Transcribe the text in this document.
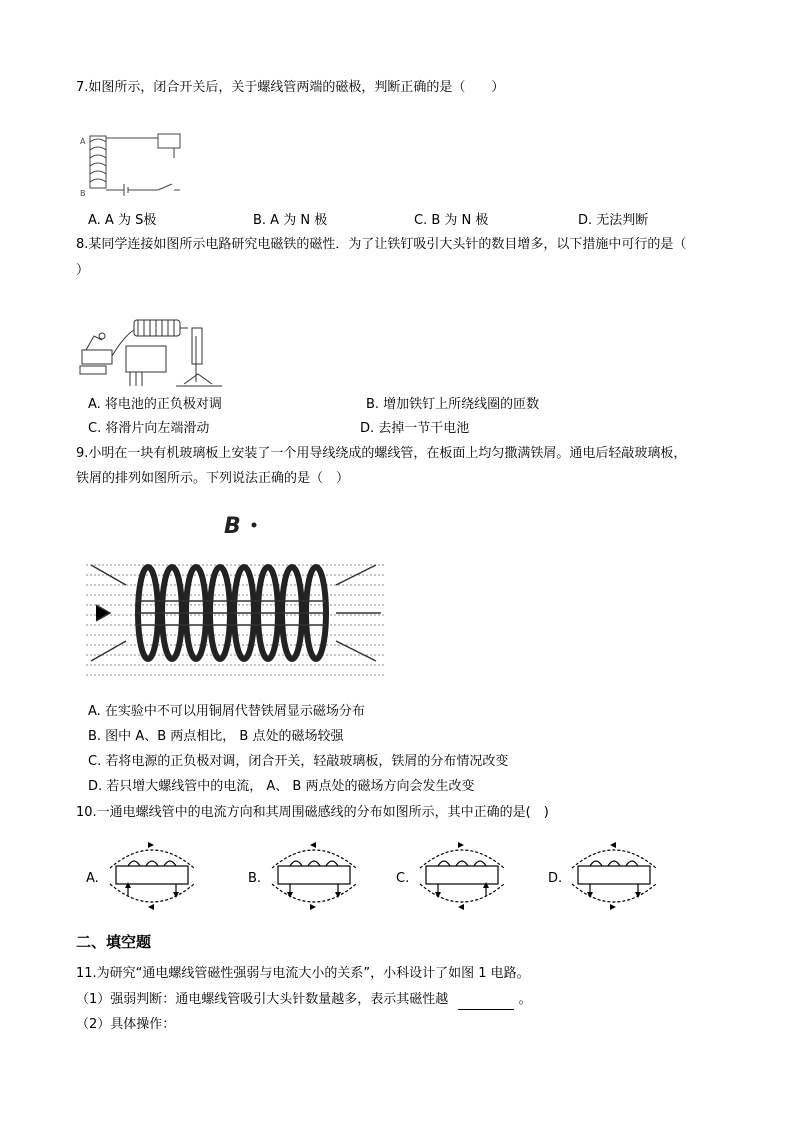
7.如图所示，闭合开关后，关于螺线管两端的磁极，判断正确的是（　　）
A
B
A. A 为 S极	B. A 为 N 极	C. B 为 N 极	D. 无法判断
8.某同学连接如图所示电路研究电磁铁的磁性．为了让铁钉吸引大头针的数目增多，以下措施中可行的是（
）
A. 将电池的正负极对调	B. 增加铁钉上所绕线圈的匝数
C. 将滑片向左端滑动	D. 去掉一节干电池
9.小明在一块有机玻璃板上安装了一个用导线绕成的螺线管，在板面上均匀撒满铁屑。通电后轻敲玻璃板，
铁屑的排列如图所示。下列说法正确的是（　）
B
A. 在实验中不可以用铜屑代替铁屑显示磁场分布
B. 图中 A、B 两点相比， B 点处的磁场较强
C. 若将电源的正负极对调，闭合开关，轻敲玻璃板，铁屑的分布情况改变
D. 若只增大螺线管中的电流， A、 B 两点处的磁场方向会发生改变
10.一通电螺线管中的电流方向和其周围磁感线的分布如图所示，其中正确的是(　)
A.	B.	C.	D.
二、填空题
11.为研究“通电螺线管磁性强弱与电流大小的关系”，小科设计了如图 1 电路。
（1）强弱判断：通电螺线管吸引大头针数量越多，表示其磁性越	。
（2）具体操作：
